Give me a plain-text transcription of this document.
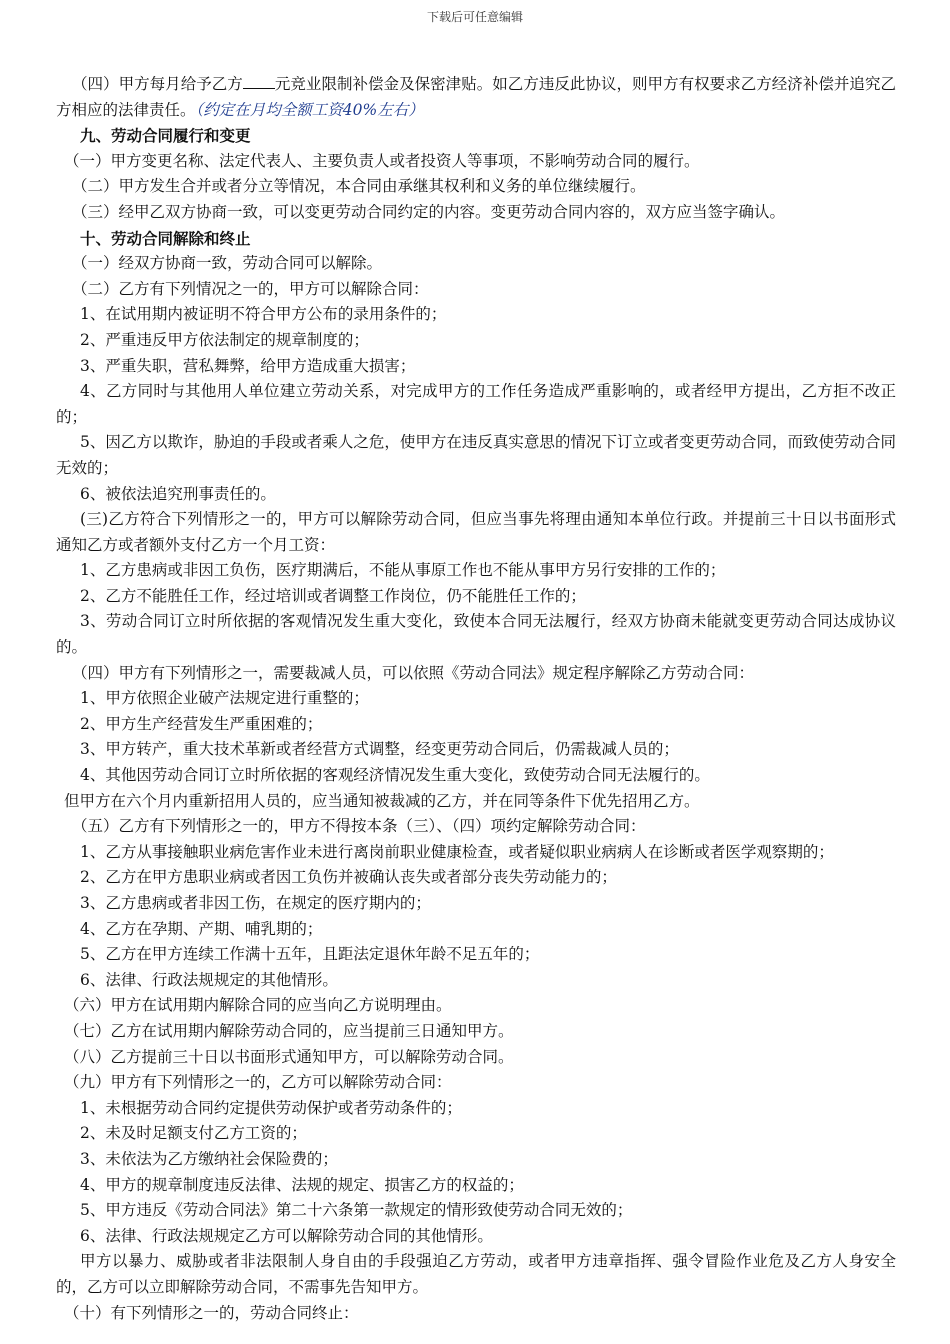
下载后可任意编辑

（四）甲方每月给予乙方 元竞业限制补偿金及保密津贴。如乙方违反此协议，则甲方有权要求乙方经济补偿并追究乙方相应的法律责任。（约定在月均全额工资40%左右）

九、劳动合同履行和变更

（一）甲方变更名称、法定代表人、主要负责人或者投资人等事项，不影响劳动合同的履行。

（二）甲方发生合并或者分立等情况，本合同由承继其权利和义务的单位继续履行。

（三）经甲乙双方协商一致，可以变更劳动合同约定的内容。变更劳动合同内容的，双方应当签字确认。

十、劳动合同解除和终止

（一）经双方协商一致，劳动合同可以解除。

（二）乙方有下列情况之一的，甲方可以解除合同：

1、在试用期内被证明不符合甲方公布的录用条件的；

2、严重违反甲方依法制定的规章制度的；

3、严重失职，营私舞弊，给甲方造成重大损害；

4、乙方同时与其他用人单位建立劳动关系，对完成甲方的工作任务造成严重影响的，或者经甲方提出，乙方拒不改正的；

5、因乙方以欺诈，胁迫的手段或者乘人之危，使甲方在违反真实意思的情况下订立或者变更劳动合同，而致使劳动合同无效的；

6、被依法追究刑事责任的。

(三)乙方符合下列情形之一的，甲方可以解除劳动合同，但应当事先将理由通知本单位行政。并提前三十日以书面形式通知乙方或者额外支付乙方一个月工资：

1、乙方患病或非因工负伤，医疗期满后，不能从事原工作也不能从事甲方另行安排的工作的；

2、乙方不能胜任工作，经过培训或者调整工作岗位，仍不能胜任工作的；

3、劳动合同订立时所依据的客观情况发生重大变化，致使本合同无法履行，经双方协商未能就变更劳动合同达成协议的。

（四）甲方有下列情形之一，需要裁减人员，可以依照《劳动合同法》规定程序解除乙方劳动合同：

1、甲方依照企业破产法规定进行重整的；

2、甲方生产经营发生严重困难的；

3、甲方转产，重大技术革新或者经营方式调整，经变更劳动合同后，仍需裁减人员的；

4、其他因劳动合同订立时所依据的客观经济情况发生重大变化，致使劳动合同无法履行的。

但甲方在六个月内重新招用人员的，应当通知被裁减的乙方，并在同等条件下优先招用乙方。

（五）乙方有下列情形之一的，甲方不得按本条（三）、（四）项约定解除劳动合同：

1、乙方从事接触职业病危害作业未进行离岗前职业健康检查，或者疑似职业病病人在诊断或者医学观察期的；

2、乙方在甲方患职业病或者因工负伤并被确认丧失或者部分丧失劳动能力的；

3、乙方患病或者非因工伤，在规定的医疗期内的；

4、乙方在孕期、产期、哺乳期的；

5、乙方在甲方连续工作满十五年，且距法定退休年龄不足五年的；

6、法律、行政法规规定的其他情形。

（六）甲方在试用期内解除合同的应当向乙方说明理由。

（七）乙方在试用期内解除劳动合同的，应当提前三日通知甲方。

（八）乙方提前三十日以书面形式通知甲方，可以解除劳动合同。

（九）甲方有下列情形之一的，乙方可以解除劳动合同：

1、未根据劳动合同约定提供劳动保护或者劳动条件的；

2、未及时足额支付乙方工资的；

3、未依法为乙方缴纳社会保险费的；

4、甲方的规章制度违反法律、法规的规定、损害乙方的权益的；

5、甲方违反《劳动合同法》第二十六条第一款规定的情形致使劳动合同无效的；

6、法律、行政法规规定乙方可以解除劳动合同的其他情形。

甲方以暴力、威胁或者非法限制人身自由的手段强迫乙方劳动，或者甲方违章指挥、强令冒险作业危及乙方人身安全的，乙方可以立即解除劳动合同，不需事先告知甲方。

（十）有下列情形之一的，劳动合同终止：
